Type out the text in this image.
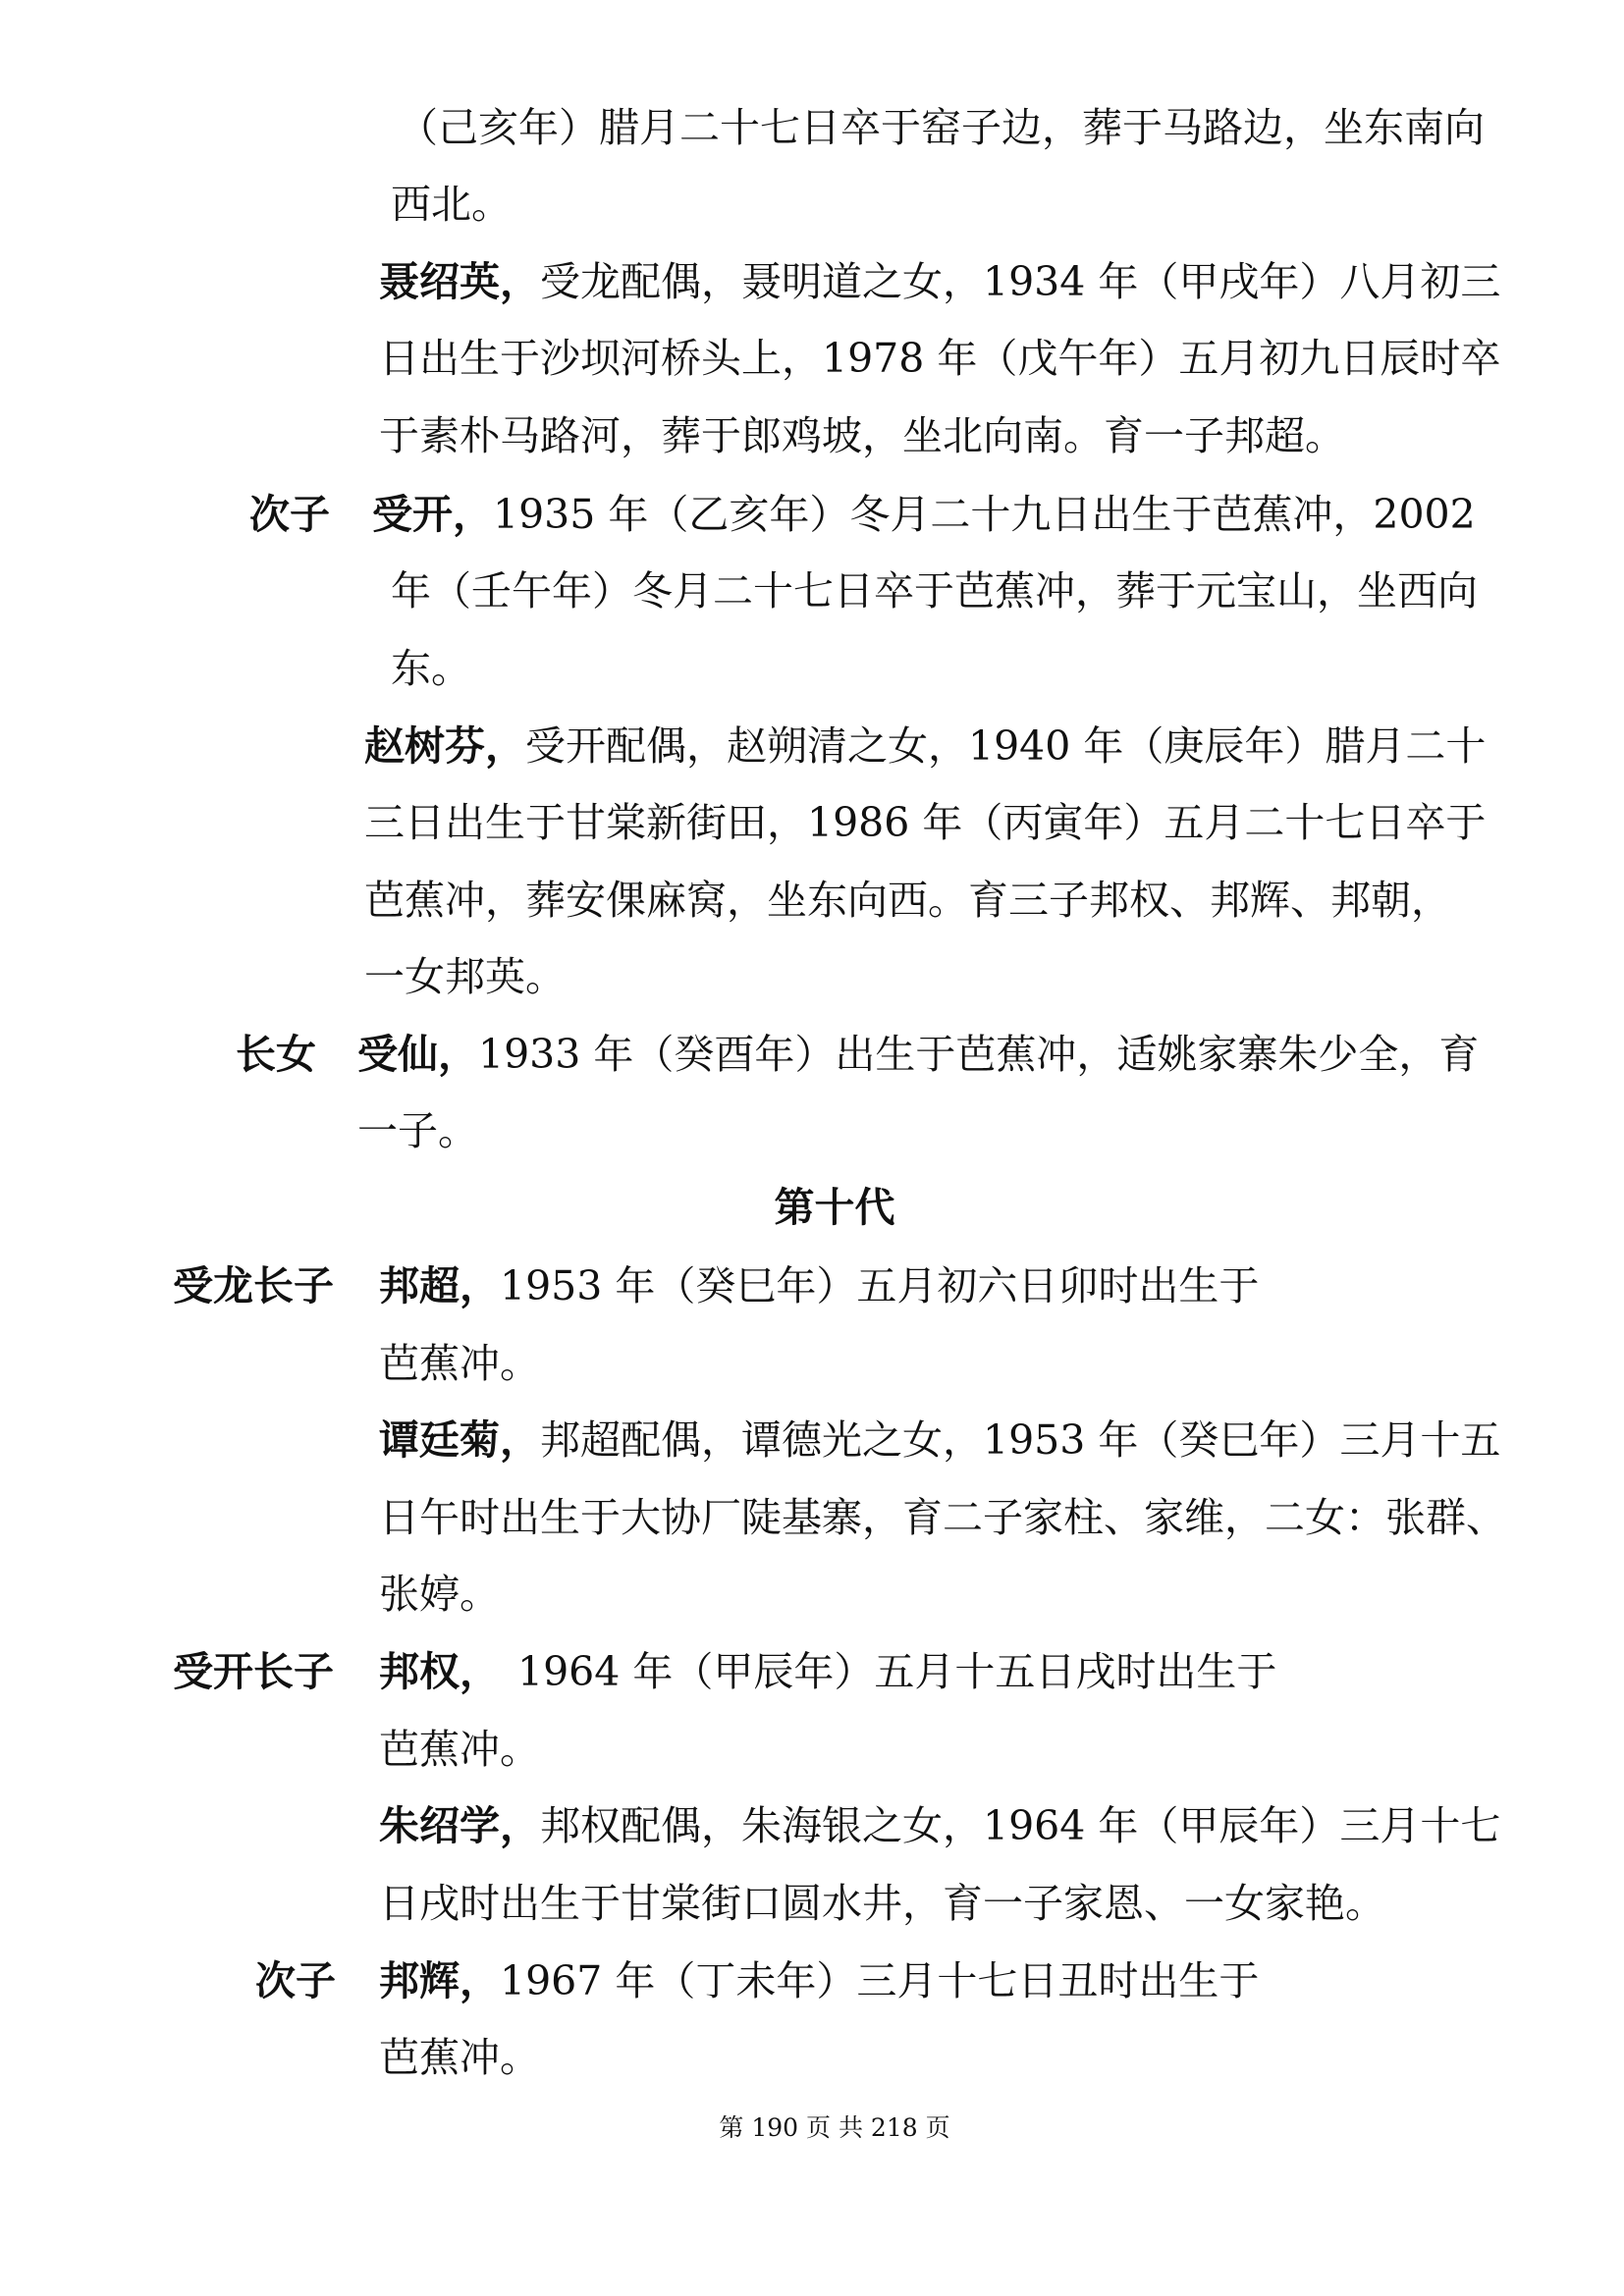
（己亥年）腊月二十七日卒于窑子边，葬于马路边，坐东南向
西北。
聂绍英，受龙配偶，聂明道之女，1934 年（甲戌年）八月初三
日出生于沙坝河桥头上，1978 年（戊午年）五月初九日辰时卒
于素朴马路河，葬于郎鸡坡，坐北向南。育一子邦超。
次子 受开，1935 年（乙亥年）冬月二十九日出生于芭蕉冲，2002
年（壬午年）冬月二十七日卒于芭蕉冲，葬于元宝山，坐西向
东。
赵树芬，受开配偶，赵朔清之女，1940 年（庚辰年）腊月二十
三日出生于甘棠新街田，1986 年（丙寅年）五月二十七日卒于
芭蕉冲，葬安倮麻窝，坐东向西。育三子邦权、邦辉、邦朝，
一女邦英。
长女 受仙，1933 年（癸酉年）出生于芭蕉冲，适姚家寨朱少全，育
一子。
第十代
受龙长子 邦超，1953 年（癸巳年）五月初六日卯时出生于
芭蕉冲。
谭廷菊，邦超配偶，谭德光之女，1953 年（癸巳年）三月十五
日午时出生于大协厂陡基寨，育二子家柱、家维，二女：张群、
张婷。
受开长子 邦权， 1964 年（甲辰年）五月十五日戌时出生于
芭蕉冲。
朱绍学，邦权配偶，朱海银之女，1964 年（甲辰年）三月十七
日戌时出生于甘棠街口圆水井，育一子家恩、一女家艳。
次子 邦辉，1967 年（丁未年）三月十七日丑时出生于
芭蕉冲。
第 190 页 共 218 页
